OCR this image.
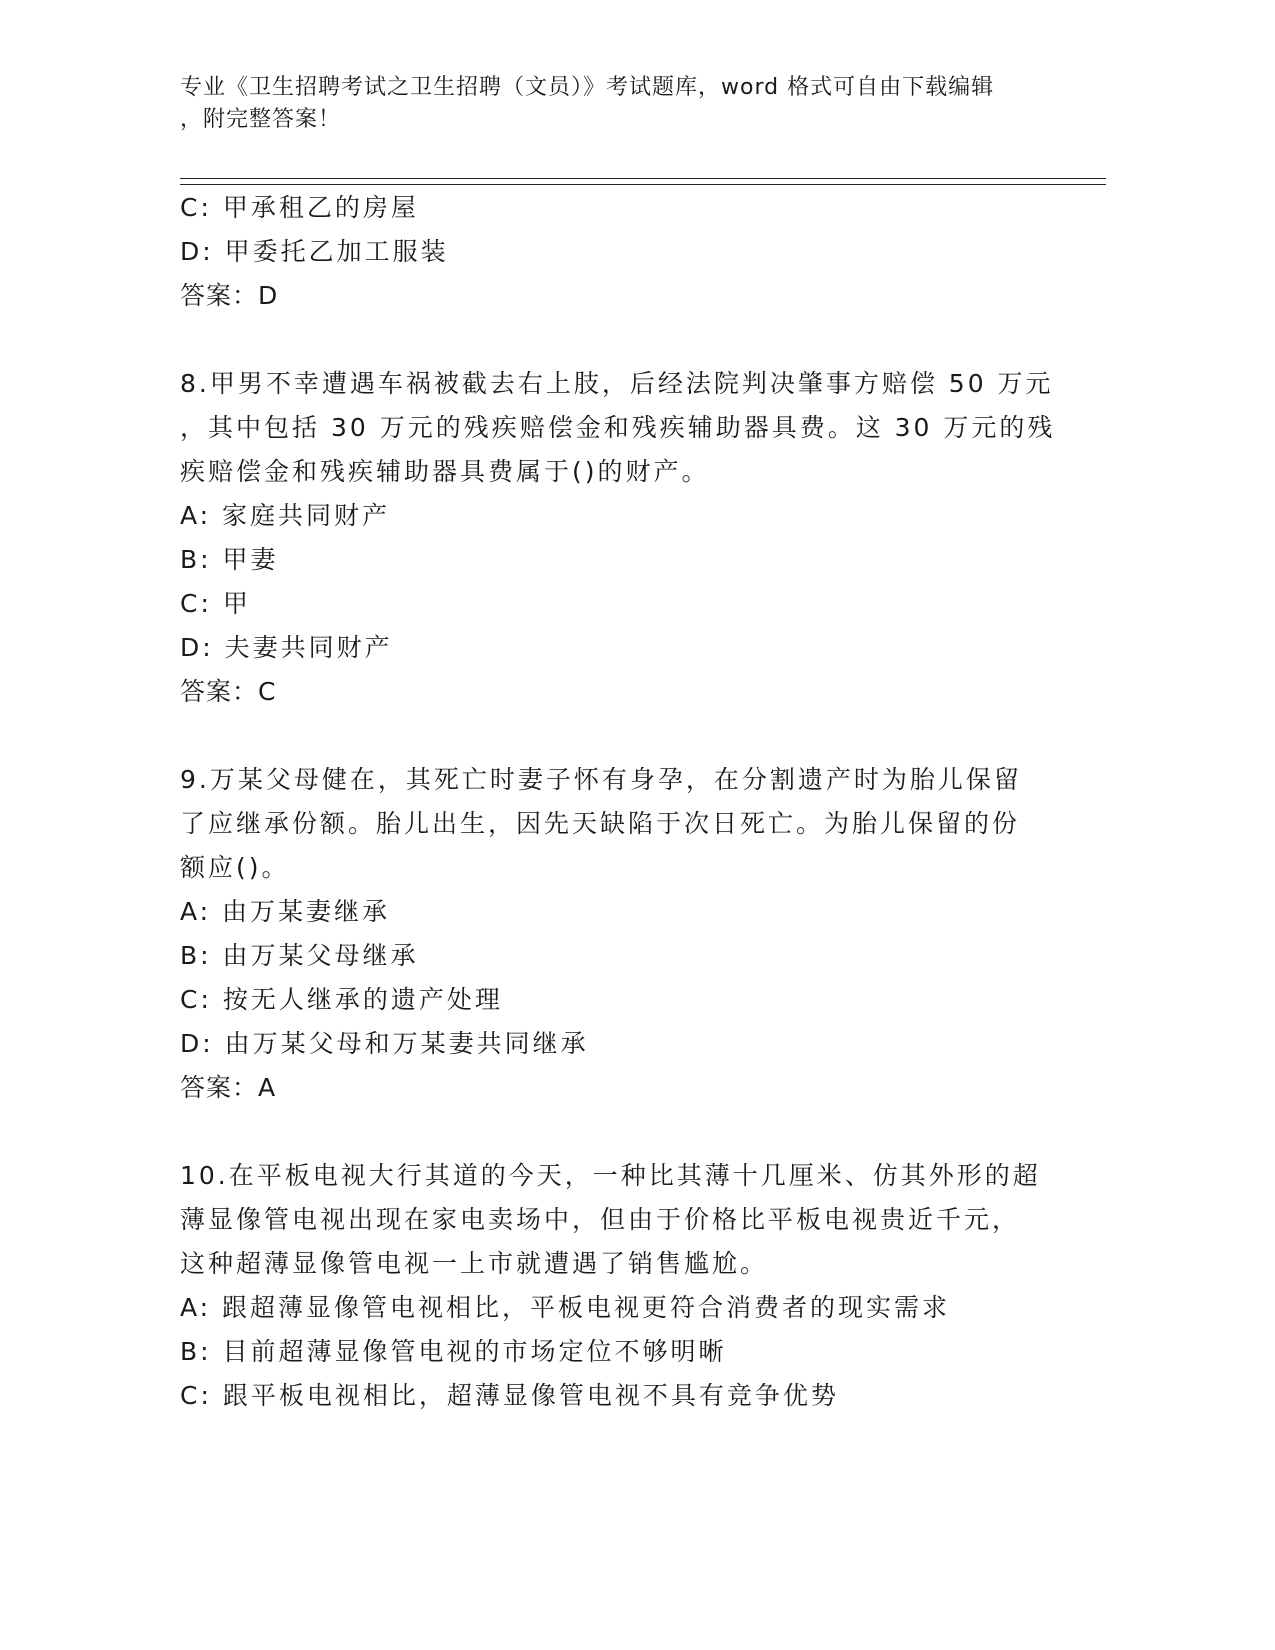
专业《卫生招聘考试之卫生招聘（文员）》考试题库，word 格式可自由下载编辑
，附完整答案！
C: 甲承租乙的房屋
D: 甲委托乙加工服装
答案：D
8.甲男不幸遭遇车祸被截去右上肢，后经法院判决肇事方赔偿 50 万元
，其中包括 30 万元的残疾赔偿金和残疾辅助器具费。这 30 万元的残
疾赔偿金和残疾辅助器具费属于()的财产。
A: 家庭共同财产
B: 甲妻
C: 甲
D: 夫妻共同财产
答案：C
9.万某父母健在，其死亡时妻子怀有身孕，在分割遗产时为胎儿保留
了应继承份额。胎儿出生，因先天缺陷于次日死亡。为胎儿保留的份
额应()。
A: 由万某妻继承
B: 由万某父母继承
C: 按无人继承的遗产处理
D: 由万某父母和万某妻共同继承
答案：A
10.在平板电视大行其道的今天，一种比其薄十几厘米、仿其外形的超
薄显像管电视出现在家电卖场中，但由于价格比平板电视贵近千元，
这种超薄显像管电视一上市就遭遇了销售尴尬。
A: 跟超薄显像管电视相比，平板电视更符合消费者的现实需求
B: 目前超薄显像管电视的市场定位不够明晰
C: 跟平板电视相比，超薄显像管电视不具有竞争优势
